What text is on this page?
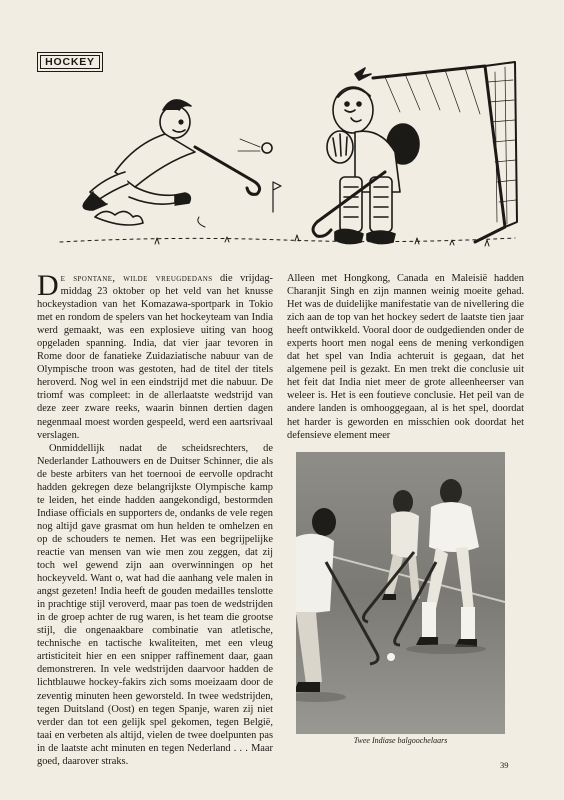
HOCKEY

De spontane, wilde vreugdedans die vrijdag-middag 23 oktober op het veld van het knusse hockeystadion van het Komazawa-sportpark in Tokio met en rondom de spelers van het hockeyteam van India werd gemaakt, was een explosieve uiting van hoog opgeladen spanning. India, dat vier jaar tevoren in Rome door de fanatieke Zuidaziatische nabuur van de Olympische troon was gestoten, had de titel der titels heroverd. Nog wel in een eindstrijd met die nabuur. De triomf was compleet: in de allerlaatste wedstrijd van deze zeer zware reeks, waarin binnen dertien dagen negenmaal moest worden gespeeld, werd een aartsrivaal verslagen.

Onmiddellijk nadat de scheidsrechters, de Nederlander Lathouwers en de Duitser Schinner, die als de beste arbiters van het toernooi de eervolle opdracht hadden gekregen deze belangrijkste Olympische kamp te leiden, het einde hadden aangekondigd, bestormden Indiase officials en supporters de, ondanks de vele regen nog altijd gave grasmat om hun helden te omhelzen en op de schouders te nemen. Het was een begrijpelijke reactie van mensen van wie men zou zeggen, dat zij toch wel gewend zijn aan overwinningen op het hockeyveld. Want o, wat had die aanhang vele malen in angst gezeten! India heeft de gouden medailles tenslotte in prachtige stijl veroverd, maar pas toen de wedstrijden in de groep achter de rug waren, is het team die grootse stijl, die ongenaakbare combinatie van atletische, technische en tactische kwaliteiten, met een vleug artisticiteit hier en een snipper raffinement daar, gaan demonstreren. In vele wedstrijden daarvoor hadden de lichtblauwe hockey-fakirs zich soms moeizaam door de zeventig minuten heen geworsteld. In twee wedstrijden, tegen Duitsland (Oost) en tegen Spanje, waren zij niet verder dan tot een gelijk spel gekomen, tegen België, taai en verbeten als altijd, vielen de twee doelpunten pas in de laatste acht minuten en tegen Nederland . . . Maar goed, daarover straks.

Alleen met Hongkong, Canada en Maleisië hadden Charanjit Singh en zijn mannen weinig moeite gehad. Het was de duidelijke manifestatie van de nivellering die zich aan de top van het hockey sedert de laatste tien jaar heeft ontwikkeld. Vooral door de oudgedienden onder de experts hoort men nogal eens de mening verkondigen dat het spel van India achteruit is gegaan, dat het algemene peil is gezakt. En men trekt die conclusie uit het feit dat India niet meer de grote alleenheerser van weleer is. Het is een foutieve conclusie. Het peil van de andere landen is omhooggegaan, al is het spel, doordat het harder is geworden en misschien ook doordat het defensieve element meer

Twee Indiase balgoochelaars
39
